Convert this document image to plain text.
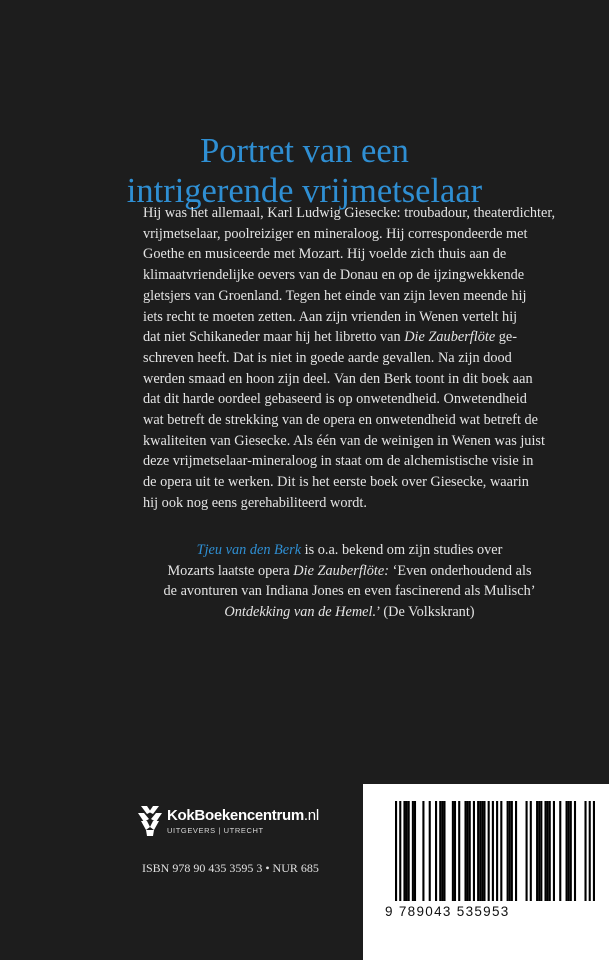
Portret van een
intrigerende vrijmetselaar
Hij was het allemaal, Karl Ludwig Giesecke: troubadour, theaterdichter,
vrijmetselaar, poolreiziger en mineraloog. Hij correspondeerde met
Goethe en musiceerde met Mozart. Hij voelde zich thuis aan de
klimaatvriendelijke oevers van de Donau en op de ijzingwekkende
gletsjers van Groenland. Tegen het einde van zijn leven meende hij
iets recht te moeten zetten. Aan zijn vrienden in Wenen vertelt hij
dat niet Schikaneder maar hij het libretto van Die Zauberflöte ge-
schreven heeft. Dat is niet in goede aarde gevallen. Na zijn dood
werden smaad en hoon zijn deel. Van den Berk toont in dit boek aan
dat dit harde oordeel gebaseerd is op onwetendheid. Onwetendheid
wat betreft de strekking van de opera en onwetendheid wat betreft de
kwaliteiten van Giesecke. Als één van de weinigen in Wenen was juist
deze vrijmetselaar-mineraloog in staat om de alchemistische visie in
de opera uit te werken. Dit is het eerste boek over Giesecke, waarin
hij ook nog eens gerehabiliteerd wordt.
Tjeu van den Berk is o.a. bekend om zijn studies over
Mozarts laatste opera Die Zauberflöte: ‘Even onderhoudend als
de avonturen van Indiana Jones en even fascinerend als Mulisch’
Ontdekking van de Hemel.’ (De Volkskrant)
KokBoekencentrum.nl
UITGEVERS | UTRECHT
ISBN 978 90 435 3595 3 • NUR 685
9 789043 535953
